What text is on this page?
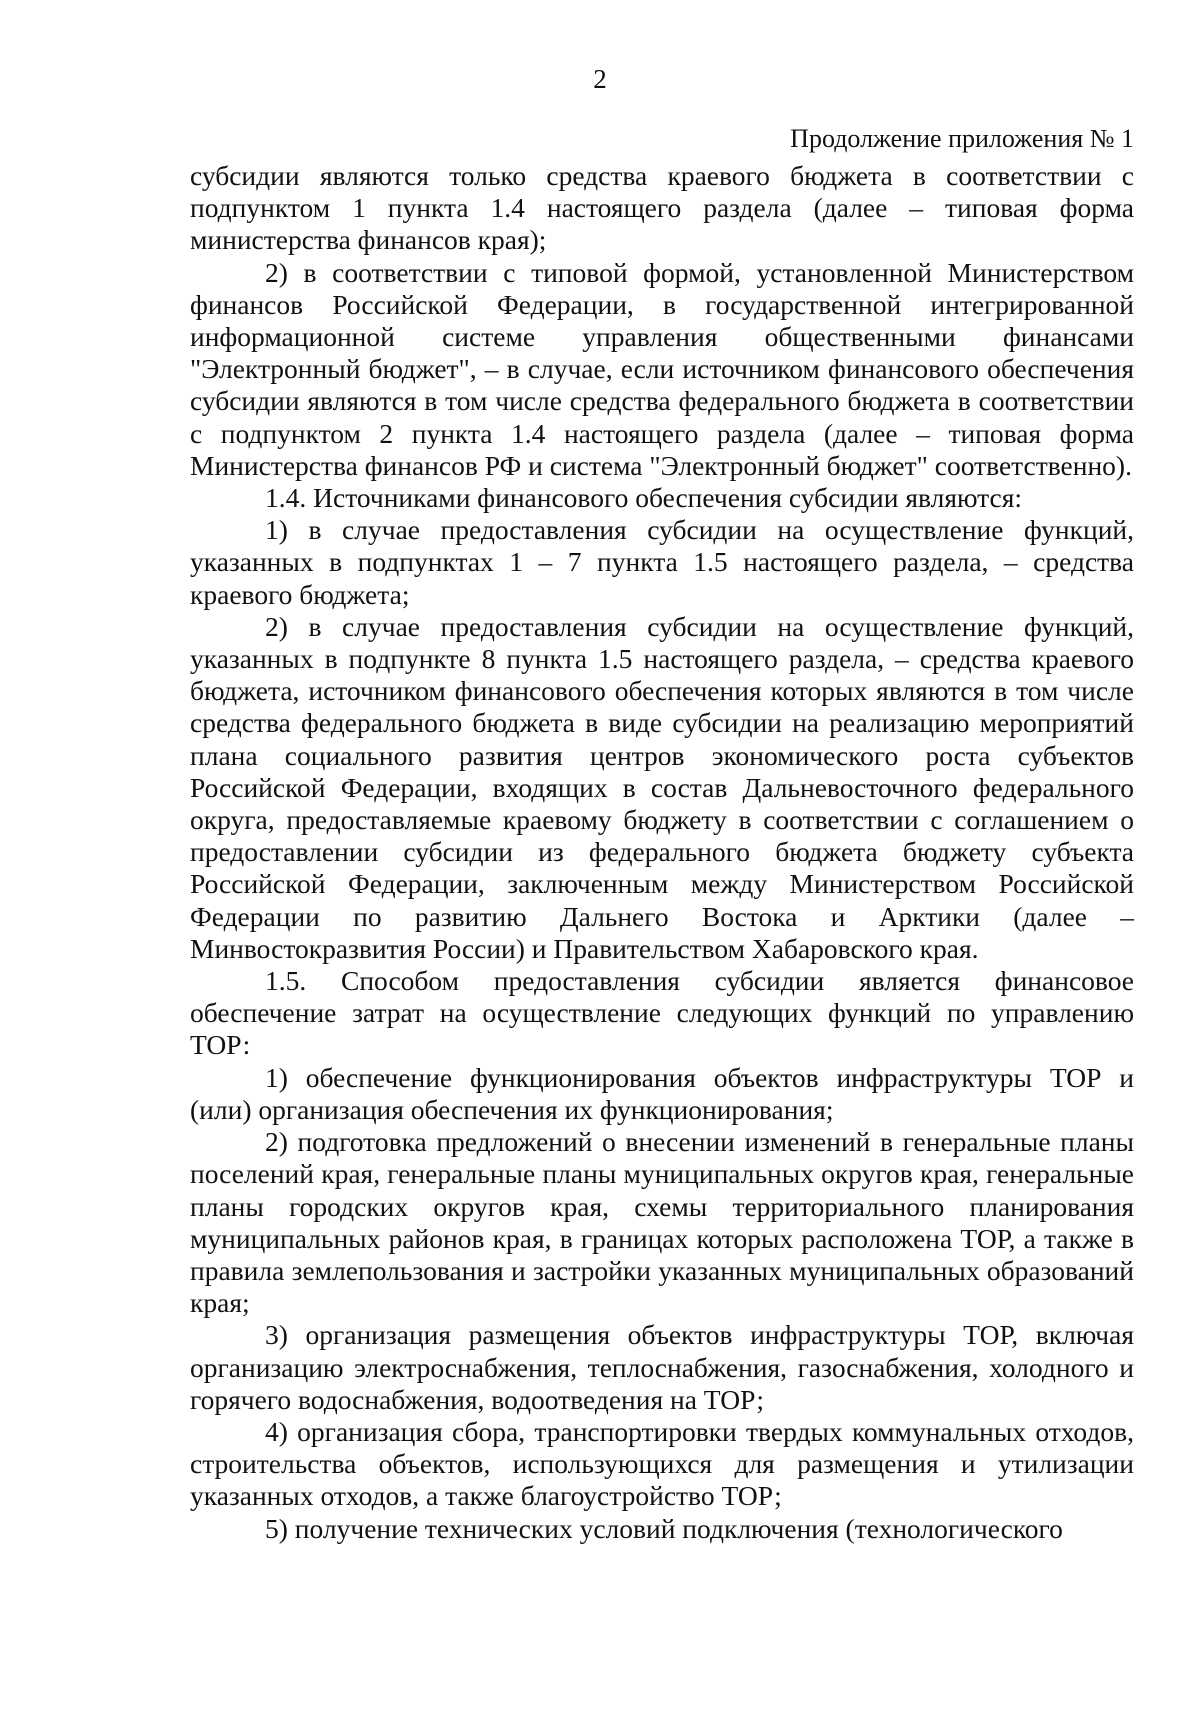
2
Продолжение приложения № 1

субсидии являются только средства краевого бюджета в соответствии с подпунктом 1 пункта 1.4 настоящего раздела (далее – типовая форма министерства финансов края);

2) в соответствии с типовой формой, установленной Министерством финансов Российской Федерации, в государственной интегрированной информационной системе управления общественными финансами "Электронный бюджет", – в случае, если источником финансового обеспечения субсидии являются в том числе средства федерального бюджета в соответствии с подпунктом 2 пункта 1.4 настоящего раздела (далее – типовая форма Министерства финансов РФ и система "Электронный бюджет" соответственно).

1.4. Источниками финансового обеспечения субсидии являются:

1) в случае предоставления субсидии на осуществление функций, указанных в подпунктах 1 – 7 пункта 1.5 настоящего раздела, – средства краевого бюджета;

2) в случае предоставления субсидии на осуществление функций, указанных в подпункте 8 пункта 1.5 настоящего раздела, – средства краевого бюджета, источником финансового обеспечения которых являются в том числе средства федерального бюджета в виде субсидии на реализацию мероприятий плана социального развития центров экономического роста субъектов Российской Федерации, входящих в состав Дальневосточного федерального округа, предоставляемые краевому бюджету в соответствии с соглашением о предоставлении субсидии из федерального бюджета бюджету субъекта Российской Федерации, заключенным между Министерством Российской Федерации по развитию Дальнего Востока и Арктики (далее – Минвостокразвития России) и Правительством Хабаровского края.

1.5. Способом предоставления субсидии является финансовое обеспечение затрат на осуществление следующих функций по управлению ТОР:

1) обеспечение функционирования объектов инфраструктуры ТОР и (или) организация обеспечения их функционирования;

2) подготовка предложений о внесении изменений в генеральные планы поселений края, генеральные планы муниципальных округов края, генеральные планы городских округов края, схемы территориального планирования муниципальных районов края, в границах которых расположена ТОР, а также в правила землепользования и застройки указанных муниципальных образований края;

3) организация размещения объектов инфраструктуры ТОР, включая организацию электроснабжения, теплоснабжения, газоснабжения, холодного и горячего водоснабжения, водоотведения на ТОР;

4) организация сбора, транспортировки твердых коммунальных отходов, строительства объектов, использующихся для размещения и утилизации указанных отходов, а также благоустройство ТОР;

5) получение технических условий подключения (технологического
